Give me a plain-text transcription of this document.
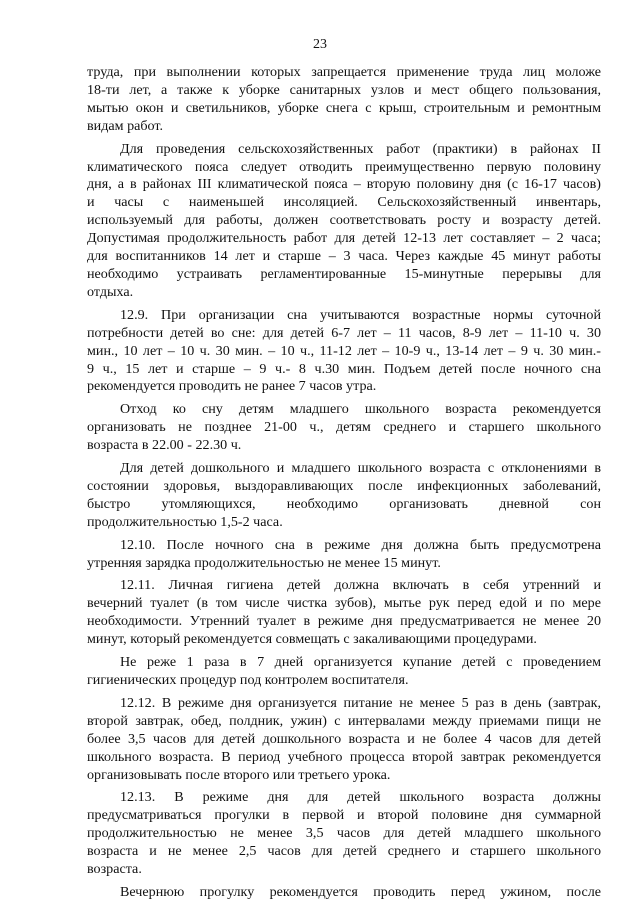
23
труда, при выполнении которых запрещается применение труда лиц моложе
18-ти лет, а также к уборке санитарных узлов и мест общего пользования,
мытью окон и светильников, уборке снега с крыш, строительным и ремонтным
видам работ.
Для проведения сельскохозяйственных работ (практики) в районах II
климатического пояса следует отводить преимущественно первую половину
дня, а в районах III климатической пояса – вторую половину дня (с 16-17 часов)
и часы с наименьшей инсоляцией. Сельскохозяйственный инвентарь,
используемый для работы, должен соответствовать росту и возрасту детей.
Допустимая продолжительность работ для детей 12-13 лет составляет – 2 часа;
для воспитанников 14 лет и старше – 3 часа. Через каждые 45 минут работы
необходимо устраивать регламентированные 15-минутные перерывы для
отдыха.
12.9. При организации сна учитываются возрастные нормы суточной
потребности детей во сне: для детей 6-7 лет – 11 часов, 8-9 лет – 11-10 ч. 30
мин., 10 лет – 10 ч. 30 мин. – 10 ч., 11-12 лет – 10-9 ч., 13-14 лет – 9 ч. 30 мин.-
9 ч., 15 лет и старше – 9 ч.- 8 ч.30 мин. Подъем детей после ночного сна
рекомендуется проводить не ранее 7 часов утра.
Отход ко сну детям младшего школьного возраста рекомендуется
организовать не позднее 21-00 ч., детям среднего и старшего школьного
возраста в 22.00 - 22.30 ч.
Для детей дошкольного и младшего школьного возраста с отклонениями в
состоянии здоровья, выздоравливающих после инфекционных заболеваний,
быстро утомляющихся, необходимо организовать дневной сон
продолжительностью 1,5-2 часа.
12.10. После ночного сна в режиме дня должна быть предусмотрена
утренняя зарядка продолжительностью не менее 15 минут.
12.11. Личная гигиена детей должна включать в себя утренний и
вечерний туалет (в том числе чистка зубов), мытье рук перед едой и по мере
необходимости. Утренний туалет в режиме дня предусматривается не менее 20
минут, который рекомендуется совмещать с закаливающими процедурами.
Не реже 1 раза в 7 дней организуется купание детей с проведением
гигиенических процедур под контролем воспитателя.
12.12. В режиме дня организуется питание не менее 5 раз в день (завтрак,
второй завтрак, обед, полдник, ужин) с интервалами между приемами пищи не
более 3,5 часов для детей дошкольного возраста и не более 4 часов для детей
школьного возраста. В период учебного процесса второй завтрак рекомендуется
организовывать после второго или третьего урока.
12.13. В режиме дня для детей школьного возраста должны
предусматриваться прогулки в первой и второй половине дня суммарной
продолжительностью не менее 3,5 часов для детей младшего школьного
возраста и не менее 2,5 часов для детей среднего и старшего школьного
возраста.
Вечернюю прогулку рекомендуется проводить перед ужином, после
